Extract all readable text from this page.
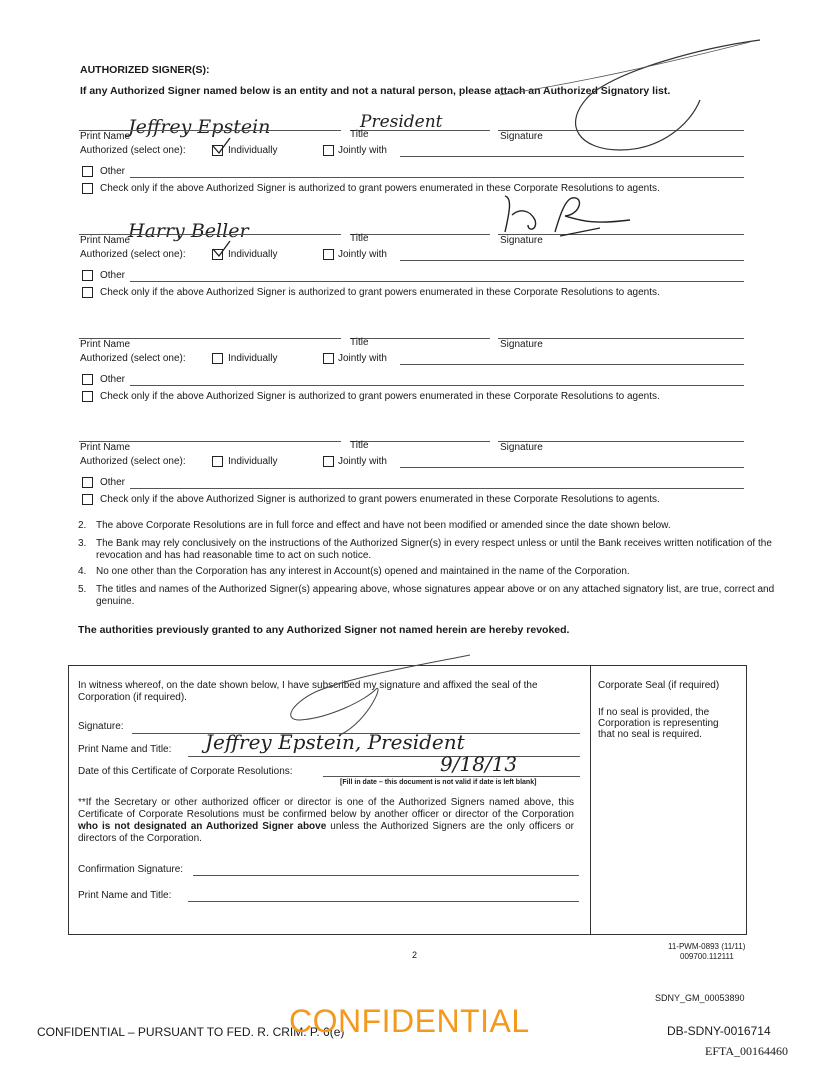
AUTHORIZED SIGNER(S):
If any Authorized Signer named below is an entity and not a natural person, please attach an Authorized Signatory list.
Jeffrey Epstein	President
Print Name	Title	Signature
Authorized (select one):	Individually	Jointly with
Other
Check only if the above Authorized Signer is authorized to grant powers enumerated in these Corporate Resolutions to agents.
Harry Beller
Print Name	Title	Signature
Authorized (select one):	Individually	Jointly with
Other
Check only if the above Authorized Signer is authorized to grant powers enumerated in these Corporate Resolutions to agents.
Print Name	Title	Signature
Authorized (select one):	Individually	Jointly with
Other
Check only if the above Authorized Signer is authorized to grant powers enumerated in these Corporate Resolutions to agents.
Print Name	Title	Signature
Authorized (select one):	Individually	Jointly with
Other
Check only if the above Authorized Signer is authorized to grant powers enumerated in these Corporate Resolutions to agents.
2. The above Corporate Resolutions are in full force and effect and have not been modified or amended since the date shown below.
3. The Bank may rely conclusively on the instructions of the Authorized Signer(s) in every respect unless or until the Bank receives written notification of the revocation and has had reasonable time to act on such notice.
4. No one other than the Corporation has any interest in Account(s) opened and maintained in the name of the Corporation.
5. The titles and names of the Authorized Signer(s) appearing above, whose signatures appear above or on any attached signatory list, are true, correct and genuine.
The authorities previously granted to any Authorized Signer not named herein are hereby revoked.
In witness whereof, on the date shown below, I have subscribed my signature and affixed the seal of the Corporation (if required).
Signature:
Print Name and Title: Jeffrey Epstein, President
Date of this Certificate of Corporate Resolutions:	9/18/13
[Fill in date – this document is not valid if date is left blank]
**If the Secretary or other authorized officer or director is one of the Authorized Signers named above, this Certificate of Corporate Resolutions must be confirmed below by another officer or director of the Corporation who is not designated an Authorized Signer above unless the Authorized Signers are the only officers or directors of the Corporation.
Confirmation Signature:
Print Name and Title:
Corporate Seal (if required)
If no seal is provided, the Corporation is representing that no seal is required.
2
11-PWM-0893 (11/11)
009700.112111
SDNY_GM_00053890
CONFIDENTIAL – PURSUANT TO FED. R. CRIM. P. 6(e)
CONFIDENTIAL	DB-SDNY-0016714
EFTA_00164460
